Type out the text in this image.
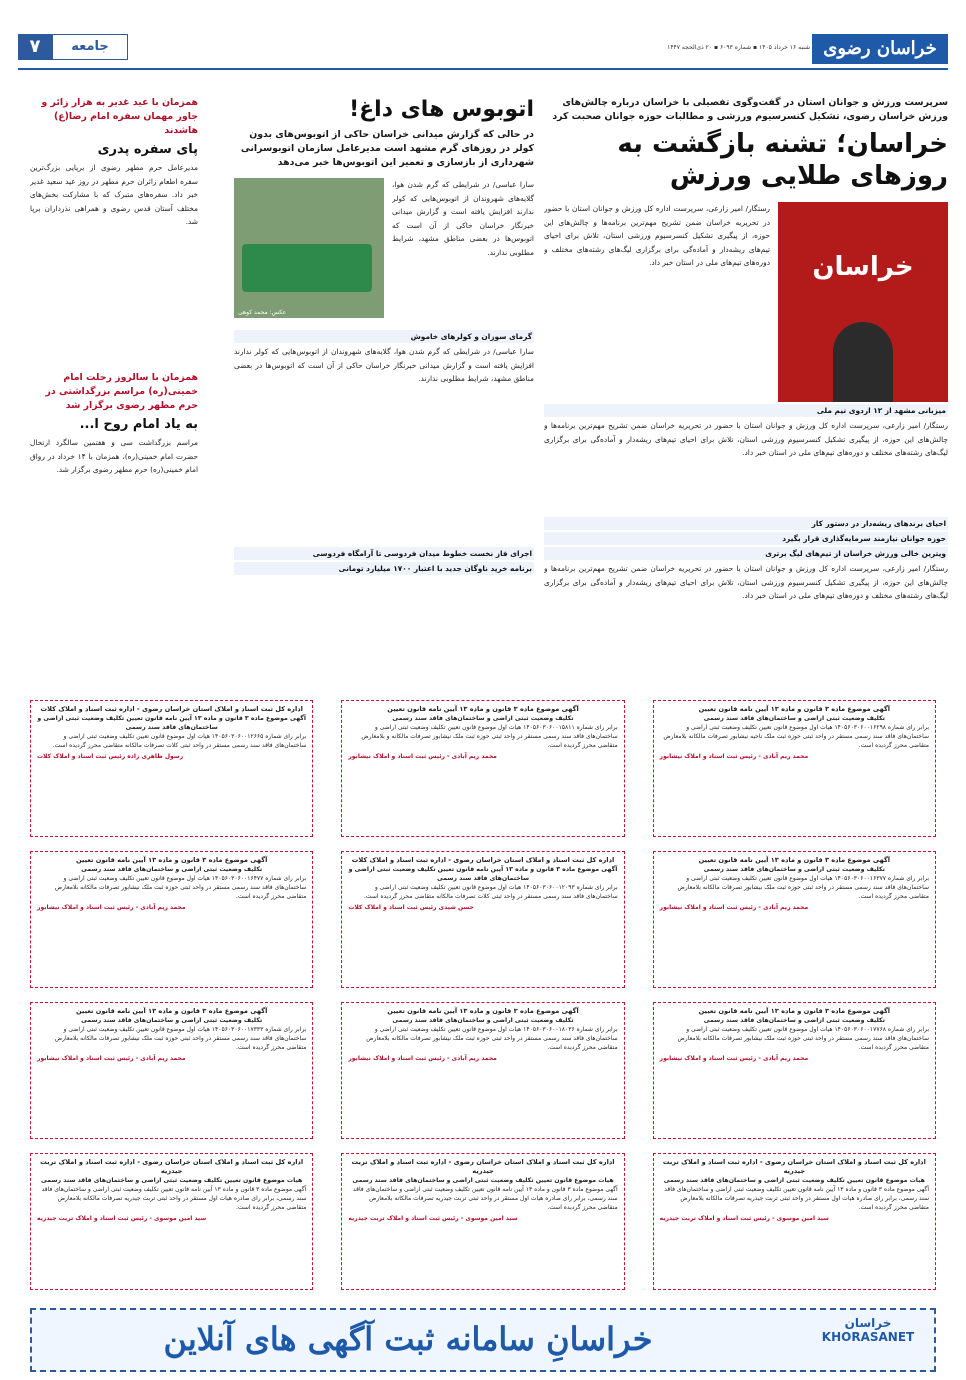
خراسان رضوی
شنبه ۱۶ خرداد ۱۴۰۵ ▪ شماره ۶۰۹۳ ▪ ۲۰ ذی‌الحجه ۱۴۴۷
۷	جامعه
سرپرست ورزش و جوانان استان در گفت‌وگوی تفصیلی با خراسان درباره چالش‌های ورزش خراسان رضوی، تشکیل کنسرسیوم ورزشی و مطالبات حوزه جوانان صحبت کرد
خراسان؛ تشنه بازگشت به روزهای طلایی ورزش
خراسان
رستگار/ امیر زارعی، سرپرست اداره کل ورزش و جوانان استان با حضور در تحریریه خراسان ضمن تشریح مهم‌ترین برنامه‌ها و چالش‌های این حوزه، از پیگیری تشکیل کنسرسیوم ورزشی استان، تلاش برای احیای تیم‌های ریشه‌دار و آماده‌گی برای برگزاری لیگ‌های رشته‌های مختلف و دوره‌های تیم‌های ملی در استان خبر داد.
میزبانی مشهد از ۱۲ اردوی تیم ملی
رستگار/ امیر زارعی، سرپرست اداره کل ورزش و جوانان استان با حضور در تحریریه خراسان ضمن تشریح مهم‌ترین برنامه‌ها و چالش‌های این حوزه، از پیگیری تشکیل کنسرسیوم ورزشی استان، تلاش برای احیای تیم‌های ریشه‌دار و آماده‌گی برای برگزاری لیگ‌های رشته‌های مختلف و دوره‌های تیم‌های ملی در استان خبر داد.
احیای برندهای ریشه‌دار در دستور کار
حوزه جوانان نیازمند سرمایه‌گذاری قرار بگیرد
ویترین خالی ورزش خراسان از تیم‌های لیگ برتری
رستگار/ امیر زارعی، سرپرست اداره کل ورزش و جوانان استان با حضور در تحریریه خراسان ضمن تشریح مهم‌ترین برنامه‌ها و چالش‌های این حوزه، از پیگیری تشکیل کنسرسیوم ورزشی استان، تلاش برای احیای تیم‌های ریشه‌دار و آماده‌گی برای برگزاری لیگ‌های رشته‌های مختلف و دوره‌های تیم‌های ملی در استان خبر داد.
اتوبوس های داغ!
در حالی که گزارش میدانی خراسان حاکی از اتوبوس‌های بدون کولر در روزهای گرم مشهد است مدیرعامل سازمان اتوبوسرانی شهرداری از بازسازی و تعمیر این اتوبوس‌ها خبر می‌دهد
عکس: محمد کوهی
سارا عباسی/ در شرایطی که گرم شدن هوا، گلایه‌های شهروندان از اتوبوس‌هایی که کولر ندارند افزایش یافته است و گزارش میدانی خبرنگار خراسان حاکی از آن است که اتوبوس‌ها در بعضی مناطق مشهد، شرایط مطلوبی ندارند.
گرمای سوزان و کولرهای خاموش
سارا عباسی/ در شرایطی که گرم شدن هوا، گلایه‌های شهروندان از اتوبوس‌هایی که کولر ندارند افزایش یافته است و گزارش میدانی خبرنگار خراسان حاکی از آن است که اتوبوس‌ها در بعضی مناطق مشهد، شرایط مطلوبی ندارند.
اجرای فاز نخست خطوط میدان فردوسی تا آرامگاه فردوسی
برنامه خرید ناوگان جدید با اعتبار ۱۷۰۰ میلیارد تومانی
همزمان با عید غدیر به هزار زائر و جاور مهمان سفره امام رضا(ع) هاشدند
پای سفره پدری
مدیرعامل حرم مطهر رضوی از برپایی بزرگ‌ترین سفره اطعام زائران حرم مطهر در روز عید سعید غدیر خبر داد. سفره‌های متبرک که با مشارکت بخش‌های مختلف آستان قدس رضوی و همراهی نذرداران برپا شد.
همزمان با سالروز رحلت امام خمینی(ره) مراسم بزرگداشتی در حرم مطهر رضوی برگزار شد
به یاد امام روح ا...
مراسم بزرگداشت سی و هفتمین سالگرد ارتحال حضرت امام خمینی(ره)، همزمان با ۱۴ خرداد در رواق امام خمینی(ره) حرم مطهر رضوی برگزار شد.
آگهی موضوع ماده ۳ قانون و ماده ۱۳ آیین نامه قانون تعیین
تکلیف وضعیت ثبتی اراضی و ساختمان‌های فاقد سند رسمی
برابر رای شماره ۱۴۰۵۶۰۳۰۶۰۰۱۶۲۹۸ هیات اول موضوع قانون تعیین تکلیف وضعیت ثبتی اراضی و ساختمان‌های فاقد سند رسمی مستقر در واحد ثبتی حوزه ثبت ملک ناحیه نیشابور تصرفات مالکانه بلامعارض متقاضی محرز گردیده است.
محمد ریم آبادی - رئیس ثبت اسناد و املاک نیشابور
آگهی موضوع ماده ۳ قانون و ماده ۱۳ آیین نامه قانون تعیین
تکلیف وضعیت ثبتی اراضی و ساختمان‌های فاقد سند رسمی
برابر رای شماره ۱۴۰۵۶۰۳۰۶۰۰۱۵۸۱۱ هیات اول موضوع قانون تعیین تکلیف وضعیت ثبتی اراضی و ساختمان‌های فاقد سند رسمی مستقر در واحد ثبتی حوزه ثبت ملک نیشابور تصرفات مالکانه و بلامعارض متقاضی محرز گردیده است.
محمد ریم آبادی - رئیس ثبت اسناد و املاک نیشابور
اداره کل ثبت اسناد و املاک استان خراسان رضوی - اداره ثبت اسناد و املاک کلات
آگهی موضوع ماده ۳ قانون و ماده ۱۳ آیین نامه قانون تعیین تکلیف وضعیت ثبتی اراضی و ساختمان‌های فاقد سند رسمی
برابر رای شماره ۱۴۰۵۶۰۳۰۶۰۰۱۲۶۶۵ هیات اول موضوع قانون تعیین تکلیف وضعیت ثبتی اراضی و ساختمان‌های فاقد سند رسمی مستقر در واحد ثبتی کلات تصرفات مالکانه متقاضی محرز گردیده است.
رسول طاهری زاده رئیس ثبت اسناد و املاک کلات
آگهی موضوع ماده ۳ قانون و ماده ۱۳ آیین نامه قانون تعیین
تکلیف وضعیت ثبتی اراضی و ساختمان‌های فاقد سند رسمی
برابر رای شماره ۱۴۰۵۶۰۳۰۶۰۰۱۶۳۷۷ هیات اول موضوع قانون تعیین تکلیف وضعیت ثبتی اراضی و ساختمان‌های فاقد سند رسمی مستقر در واحد ثبتی حوزه ثبت ملک نیشابور تصرفات مالکانه بلامعارض متقاضی محرز گردیده است.
محمد ریم آبادی - رئیس ثبت اسناد و املاک نیشابور
اداره کل ثبت اسناد و املاک استان خراسان رضوی - اداره ثبت اسناد و املاک کلات
آگهی موضوع ماده ۳ قانون و ماده ۱۳ آیین نامه قانون تعیین تکلیف وضعیت ثبتی اراضی و ساختمان‌های فاقد سند رسمی
برابر رای شماره ۱۴۰۵۶۰۳۰۶۰۰۱۲۰۹۳ هیات اول موضوع قانون تعیین تکلیف وضعیت ثبتی اراضی و ساختمان‌های فاقد سند رسمی مستقر در واحد ثبتی کلات تصرفات مالکانه متقاضی محرز گردیده است.
حسن شیدی رئیس ثبت اسناد و املاک کلات
آگهی موضوع ماده ۳ قانون و ماده ۱۳ آیین نامه قانون تعیین
تکلیف وضعیت ثبتی اراضی و ساختمان‌های فاقد سند رسمی
برابر رای شماره ۱۴۰۵۶۰۳۰۶۰۰۱۶۴۷۷ هیات اول موضوع قانون تعیین تکلیف وضعیت ثبتی اراضی و ساختمان‌های فاقد سند رسمی مستقر در واحد ثبتی حوزه ثبت ملک نیشابور تصرفات مالکانه بلامعارض متقاضی محرز گردیده است.
محمد ریم آبادی - رئیس ثبت اسناد و املاک نیشابور
آگهی موضوع ماده ۳ قانون و ماده ۱۳ آیین نامه قانون تعیین
تکلیف وضعیت ثبتی اراضی و ساختمان‌های فاقد سند رسمی
برابر رای شماره ۱۴۰۵۶۰۳۰۶۰۰۱۷۷۶۸ هیات اول موضوع قانون تعیین تکلیف وضعیت ثبتی اراضی و ساختمان‌های فاقد سند رسمی مستقر در واحد ثبتی حوزه ثبت ملک نیشابور تصرفات مالکانه بلامعارض متقاضی محرز گردیده است.
محمد ریم آبادی - رئیس ثبت اسناد و املاک نیشابور
آگهی موضوع ماده ۳ قانون و ماده ۱۳ آیین نامه قانون تعیین
تکلیف وضعیت ثبتی اراضی و ساختمان‌های فاقد سند رسمی
برابر رای شماره ۱۴۰۵۶۰۳۰۶۰۰۱۸۰۳۶ هیات اول موضوع قانون تعیین تکلیف وضعیت ثبتی اراضی و ساختمان‌های فاقد سند رسمی مستقر در واحد ثبتی حوزه ثبت ملک نیشابور تصرفات مالکانه بلامعارض متقاضی محرز گردیده است.
محمد ریم آبادی - رئیس ثبت اسناد و املاک نیشابور
آگهی موضوع ماده ۳ قانون و ماده ۱۳ آیین نامه قانون تعیین
تکلیف وضعیت ثبتی اراضی و ساختمان‌های فاقد سند رسمی
برابر رای شماره ۱۴۰۵۶۰۳۰۶۰۰۱۷۳۳۳ هیات اول موضوع قانون تعیین تکلیف وضعیت ثبتی اراضی و ساختمان‌های فاقد سند رسمی مستقر در واحد ثبتی حوزه ثبت ملک نیشابور تصرفات مالکانه بلامعارض متقاضی محرز گردیده است.
محمد ریم آبادی - رئیس ثبت اسناد و املاک نیشابور
اداره کل ثبت اسناد و املاک استان خراسان رضوی - اداره ثبت اسناد و املاک تربت جیدریه
هیات موضوع قانون تعیین تکلیف وضعیت ثبتی اراضی و ساختمان‌های فاقد سند رسمی
آگهی موضوع ماده ۳ قانون و ماده ۱۳ آیین نامه قانون تعیین تکلیف وضعیت ثبتی اراضی و ساختمان‌های فاقد سند رسمی، برابر رای صادره هیات اول مستقر در واحد ثبتی تربت جیدریه تصرفات مالکانه بلامعارض متقاضی محرز گردیده است.
سید امین موسوی - رئیس ثبت اسناد و املاک تربت جیدریه
اداره کل ثبت اسناد و املاک استان خراسان رضوی - اداره ثبت اسناد و املاک تربت جیدریه
هیات موضوع قانون تعیین تکلیف وضعیت ثبتی اراضی و ساختمان‌های فاقد سند رسمی
آگهی موضوع ماده ۳ قانون و ماده ۱۳ آیین نامه قانون تعیین تکلیف وضعیت ثبتی اراضی و ساختمان‌های فاقد سند رسمی، برابر رای صادره هیات اول مستقر در واحد ثبتی تربت جیدریه تصرفات مالکانه بلامعارض متقاضی محرز گردیده است.
سید امین موسوی - رئیس ثبت اسناد و املاک تربت جیدریه
اداره کل ثبت اسناد و املاک استان خراسان رضوی - اداره ثبت اسناد و املاک تربت جیدریه
هیات موضوع قانون تعیین تکلیف وضعیت ثبتی اراضی و ساختمان‌های فاقد سند رسمی
آگهی موضوع ماده ۳ قانون و ماده ۱۳ آیین نامه قانون تعیین تکلیف وضعیت ثبتی اراضی و ساختمان‌های فاقد سند رسمی، برابر رای صادره هیات اول مستقر در واحد ثبتی تربت جیدریه تصرفات مالکانه بلامعارض متقاضی محرز گردیده است.
سید امین موسوی - رئیس ثبت اسناد و املاک تربت جیدریه
خراسان KHORASANET
خراسانِ سامانه ثبت آگهی های آنلاین
